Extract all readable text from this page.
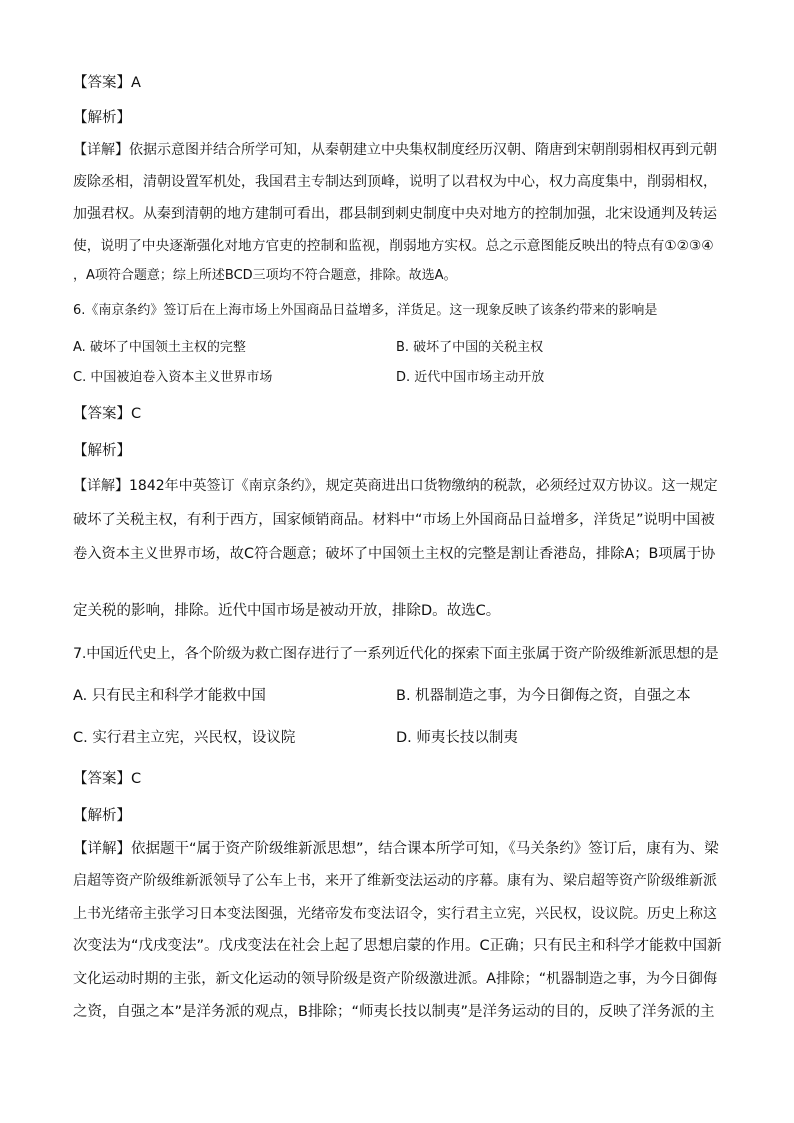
【答案】A
【解析】
【详解】依据示意图并结合所学可知，从秦朝建立中央集权制度经历汉朝、隋唐到宋朝削弱相权再到元朝
废除丞相，清朝设置军机处，我国君主专制达到顶峰，说明了以君权为中心，权力高度集中，削弱相权，
加强君权。从秦到清朝的地方建制可看出，郡县制到刺史制度中央对地方的控制加强，北宋设通判及转运
使，说明了中央逐渐强化对地方官吏的控制和监视，削弱地方实权。总之示意图能反映出的特点有①②③④
，A项符合题意；综上所述BCD三项均不符合题意，排除。故选A。
6.《南京条约》签订后在上海市场上外国商品日益增多，洋货足。这一现象反映了该条约带来的影响是
A. 破坏了中国领土主权的完整	B. 破坏了中国的关税主权
C. 中国被迫卷入资本主义世界市场	D. 近代中国市场主动开放
【答案】C
【解析】
【详解】1842年中英签订《南京条约》，规定英商进出口货物缴纳的税款，必须经过双方协议。这一规定
破坏了关税主权，有利于西方，国家倾销商品。材料中“市场上外国商品日益增多，洋货足”说明中国被
卷入资本主义世界市场，故C符合题意；破坏了中国领土主权的完整是割让香港岛，排除A；B项属于协
定关税的影响，排除。近代中国市场是被动开放，排除D。故选C。
7.中国近代史上，各个阶级为救亡图存进行了一系列近代化的探索下面主张属于资产阶级维新派思想的是
A. 只有民主和科学才能救中国	B. 机器制造之事，为今日御侮之资，自强之本
C. 实行君主立宪，兴民权，设议院	D. 师夷长技以制夷
【答案】C
【解析】
【详解】依据题干“属于资产阶级维新派思想”，结合课本所学可知，《马关条约》签订后，康有为、梁
启超等资产阶级维新派领导了公车上书，来开了维新变法运动的序幕。康有为、梁启超等资产阶级维新派
上书光绪帝主张学习日本变法图强，光绪帝发布变法诏令，实行君主立宪，兴民权，设议院。历史上称这
次变法为“戊戌变法”。戊戌变法在社会上起了思想启蒙的作用。C正确；只有民主和科学才能救中国新
文化运动时期的主张，新文化运动的领导阶级是资产阶级激进派。A排除；“机器制造之事，为今日御侮
之资，自强之本”是洋务派的观点，B排除；“师夷长技以制夷”是洋务运动的目的，反映了洋务派的主
